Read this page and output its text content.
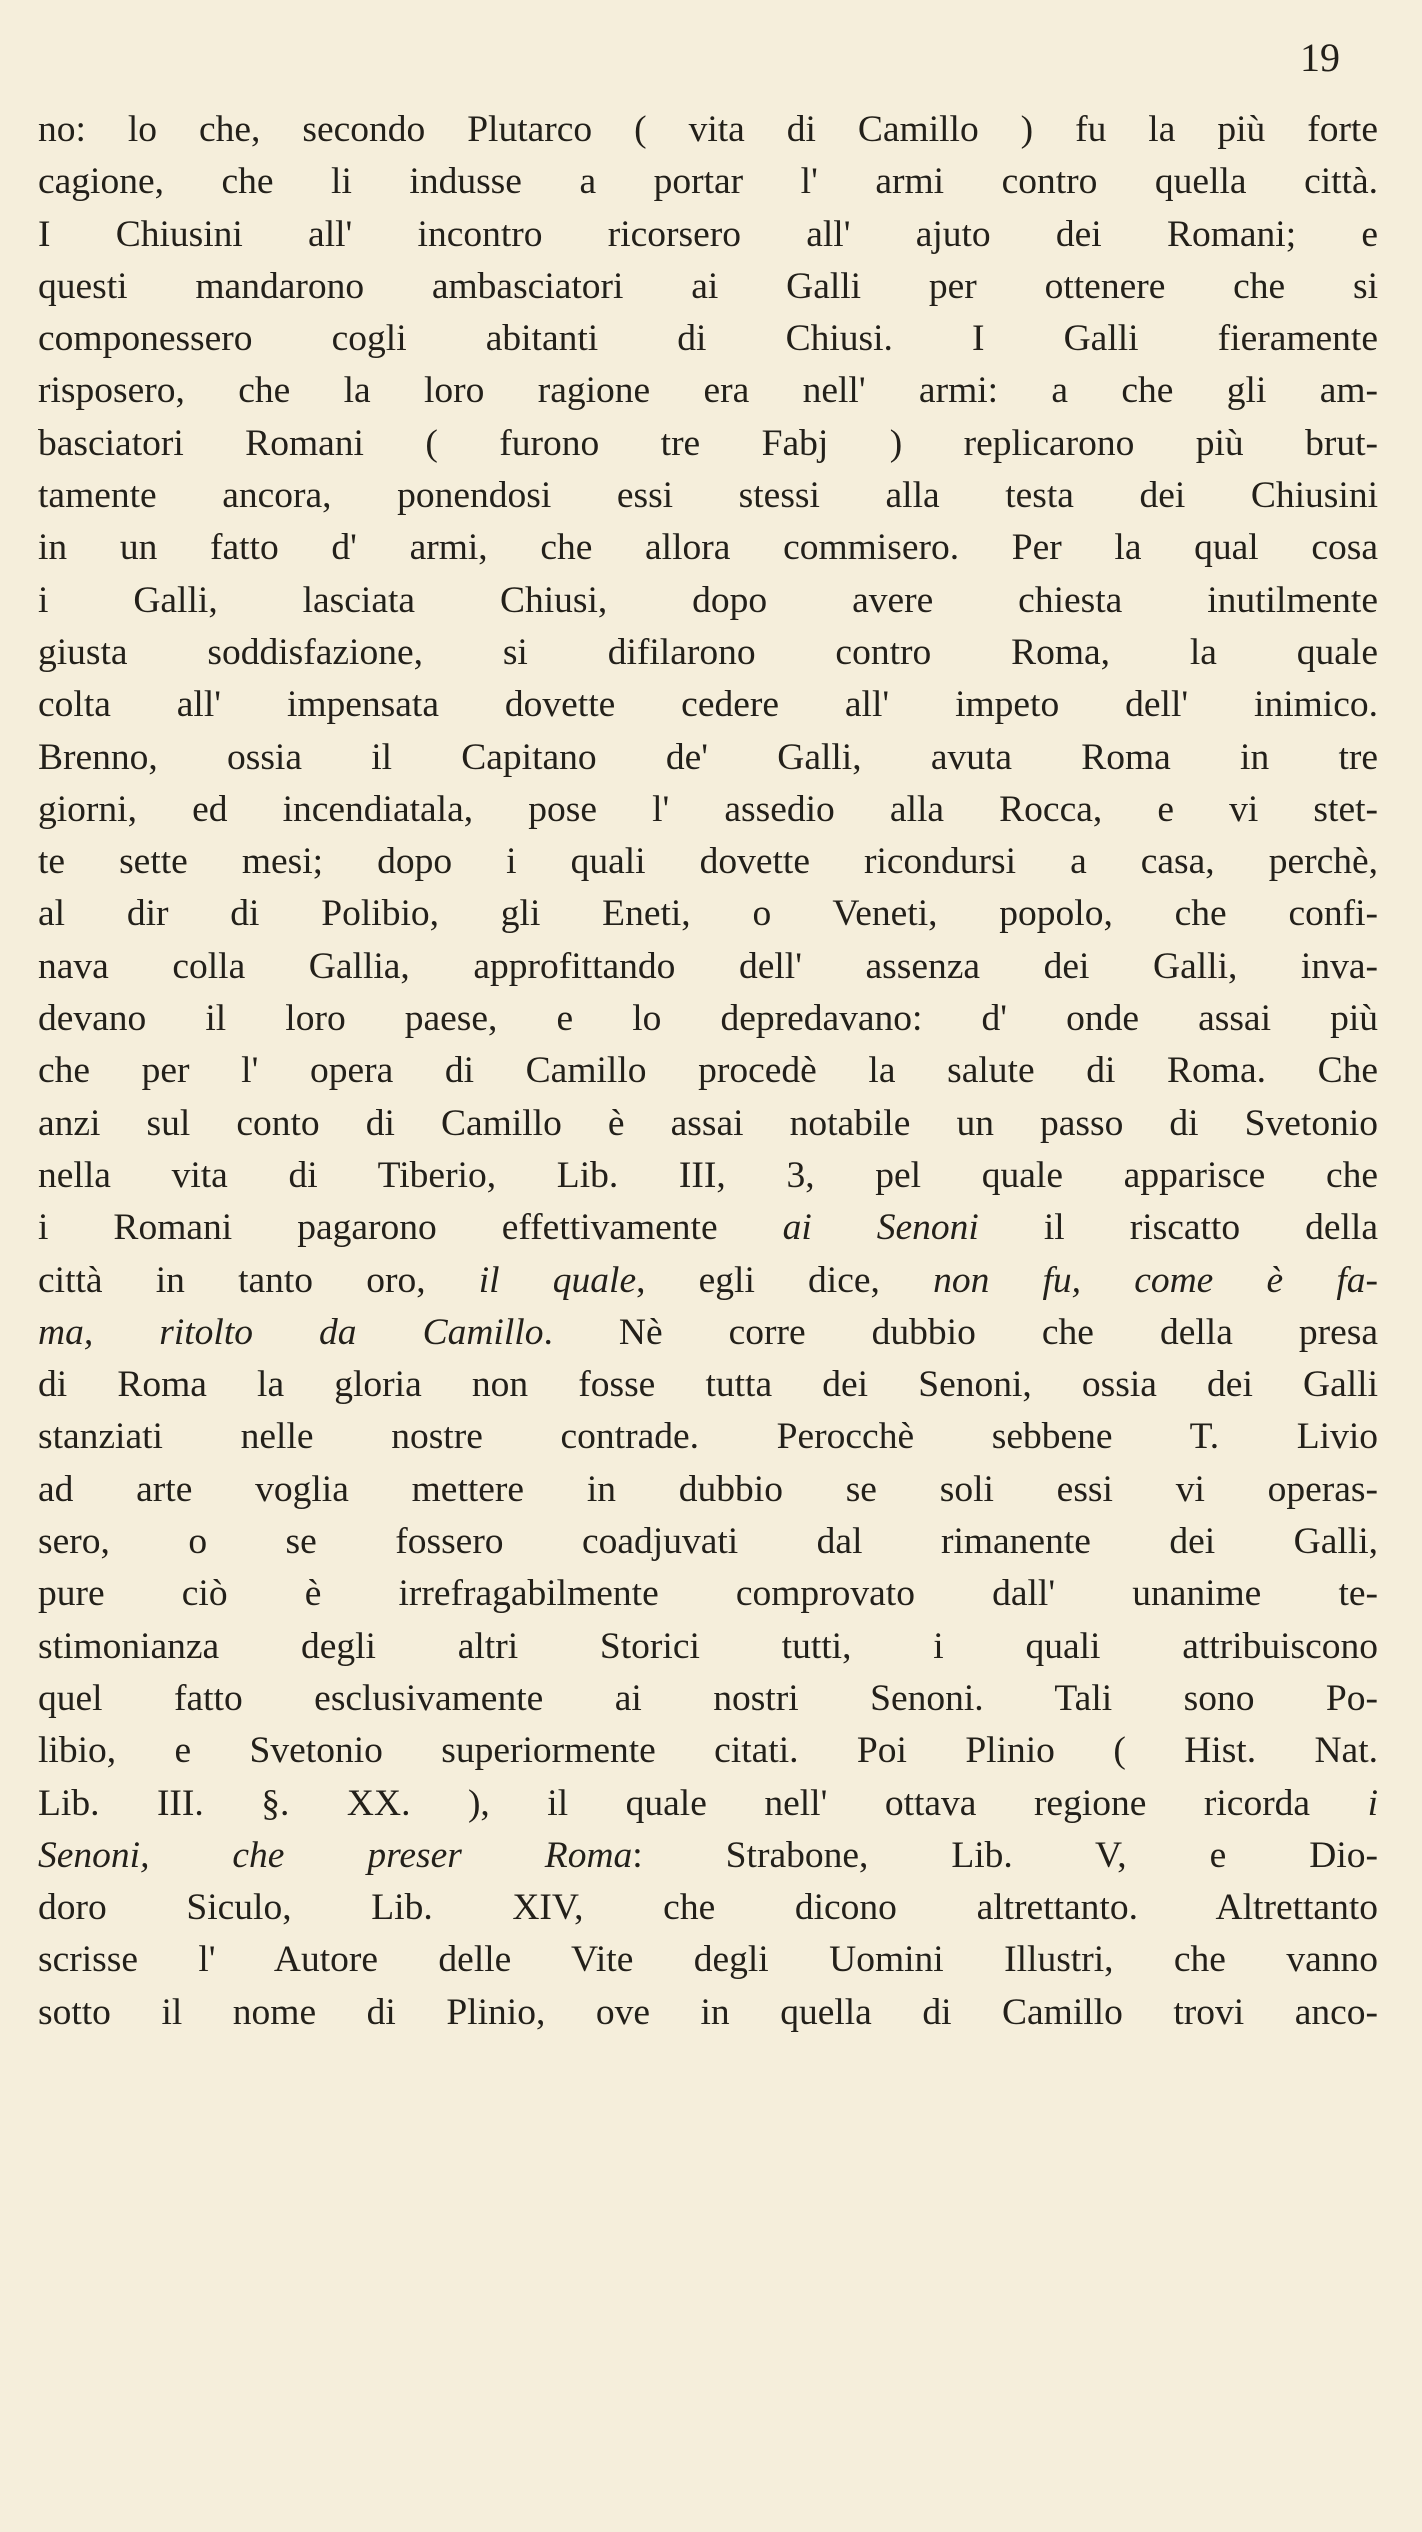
19
no: lo che, secondo Plutarco ( vita di Camillo ) fu la più forte
cagione, che li indusse a portar l' armi contro quella città.
I Chiusini all' incontro ricorsero all' ajuto dei Romani; e
questi mandarono ambasciatori ai Galli per ottenere che si
componessero cogli abitanti di Chiusi. I Galli fieramente
risposero, che la loro ragione era nell' armi: a che gli am-
basciatori Romani ( furono tre Fabj ) replicarono più brut-
tamente ancora, ponendosi essi stessi alla testa dei Chiusini
in un fatto d' armi, che allora commisero. Per la qual cosa
i Galli, lasciata Chiusi, dopo avere chiesta inutilmente
giusta soddisfazione, si difilarono contro Roma, la quale
colta all' impensata dovette cedere all' impeto dell' inimico.
Brenno, ossia il Capitano de' Galli, avuta Roma in tre
giorni, ed incendiatala, pose l' assedio alla Rocca, e vi stet-
te sette mesi; dopo i quali dovette ricondursi a casa, perchè,
al dir di Polibio, gli Eneti, o Veneti, popolo, che confi-
nava colla Gallia, approfittando dell' assenza dei Galli, inva-
devano il loro paese, e lo depredavano: d' onde assai più
che per l' opera di Camillo procedè la salute di Roma. Che
anzi sul conto di Camillo è assai notabile un passo di Svetonio
nella vita di Tiberio, Lib. III, 3, pel quale apparisce che
i Romani pagarono effettivamente ai Senoni il riscatto della
città in tanto oro, il quale, egli dice, non fu, come è fa-
ma, ritolto da Camillo. Nè corre dubbio che della presa
di Roma la gloria non fosse tutta dei Senoni, ossia dei Galli
stanziati nelle nostre contrade. Perocchè sebbene T. Livio
ad arte voglia mettere in dubbio se soli essi vi operas-
sero, o se fossero coadjuvati dal rimanente dei Galli,
pure ciò è irrefragabilmente comprovato dall' unanime te-
stimonianza degli altri Storici tutti, i quali attribuiscono
quel fatto esclusivamente ai nostri Senoni. Tali sono Po-
libio, e Svetonio superiormente citati. Poi Plinio ( Hist. Nat.
Lib. III. §. XX. ), il quale nell' ottava regione ricorda i
Senoni, che preser Roma: Strabone, Lib. V, e Dio-
doro Siculo, Lib. XIV, che dicono altrettanto. Altrettanto
scrisse l' Autore delle Vite degli Uomini Illustri, che vanno
sotto il nome di Plinio, ove in quella di Camillo trovi anco-
